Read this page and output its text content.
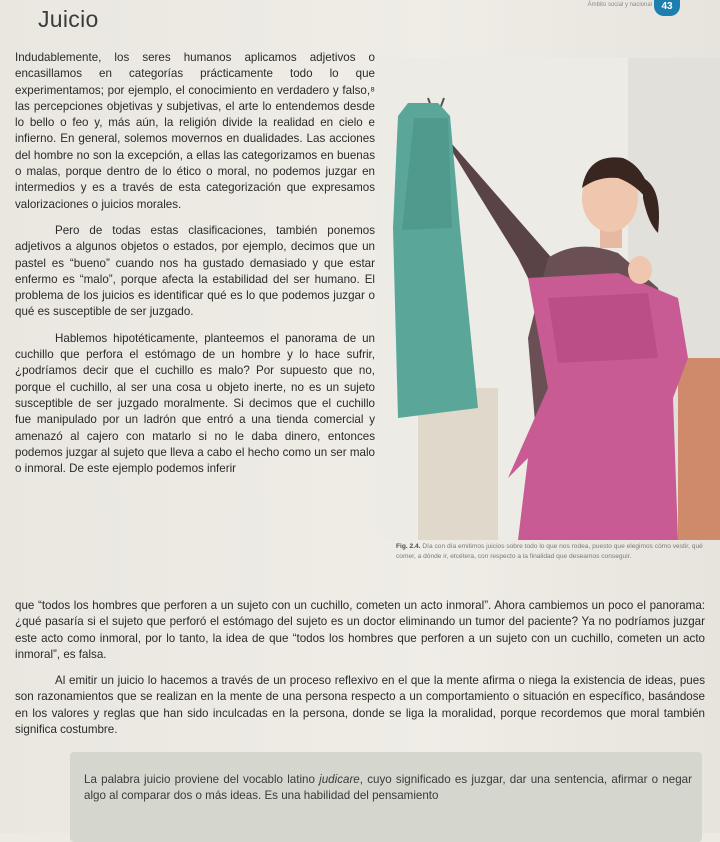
Juicio
Ámbito social y nacional 43

Indudablemente, los seres humanos aplicamos adjetivos o encasillamos en categorías prácticamente todo lo que experimentamos; por ejemplo, el conocimiento en verdadero y falso,⁸ las percepciones objetivas y subjetivas, el arte lo entendemos desde lo bello o feo y, más aún, la religión divide la realidad en cielo e infierno. En general, solemos movernos en dualidades. Las acciones del hombre no son la excepción, a ellas las categorizamos en buenas o malas, porque dentro de lo ético o moral, no podemos juzgar en intermedios y es a través de esta categorización que expresamos valorizaciones o juicios morales.

Pero de todas estas clasificaciones, también ponemos adjetivos a algunos objetos o estados, por ejemplo, decimos que un pastel es “bueno” cuando nos ha gustado demasiado y que estar enfermo es “malo”, porque afecta la estabilidad del ser humano. El problema de los juicios es identificar qué es lo que podemos juzgar o qué es susceptible de ser juzgado.

Hablemos hipotéticamente, planteemos el panorama de un cuchillo que perfora el estómago de un hombre y lo hace sufrir, ¿podríamos decir que el cuchillo es malo? Por supuesto que no, porque el cuchillo, al ser una cosa u objeto inerte, no es un sujeto susceptible de ser juzgado moralmente. Si decimos que el cuchillo fue manipulado por un ladrón que entró a una tienda comercial y amenazó al cajero con matarlo si no le daba dinero, entonces podemos juzgar al sujeto que lleva a cabo el hecho como un ser malo o inmoral. De este ejemplo podemos inferir

Fig. 2.4. Día con día emitimos juicios sobre todo lo que nos rodea, puesto que elegimos cómo vestir, qué comer, a dónde ir, etcétera, con respecto a la finalidad que deseamos conseguir.

que “todos los hombres que perforen a un sujeto con un cuchillo, cometen un acto inmoral”. Ahora cambiemos un poco el panorama: ¿qué pasaría si el sujeto que perforó el estómago del sujeto es un doctor eliminando un tumor del paciente? Ya no podríamos juzgar este acto como inmoral, por lo tanto, la idea de que “todos los hombres que perforen a un sujeto con un cuchillo, cometen un acto inmoral”, es falsa.

Al emitir un juicio lo hacemos a través de un proceso reflexivo en el que la mente afirma o niega la existencia de ideas, pues son razonamientos que se realizan en la mente de una persona respecto a un comportamiento o situación en específico, basándose en los valores y reglas que han sido inculcadas en la persona, donde se liga la moralidad, porque recordemos que moral también significa costumbre.

La palabra juicio proviene del vocablo latino judicare, cuyo significado es juzgar, dar una sentencia, afirmar o negar algo al comparar dos o más ideas. Es una habilidad del pensamiento
